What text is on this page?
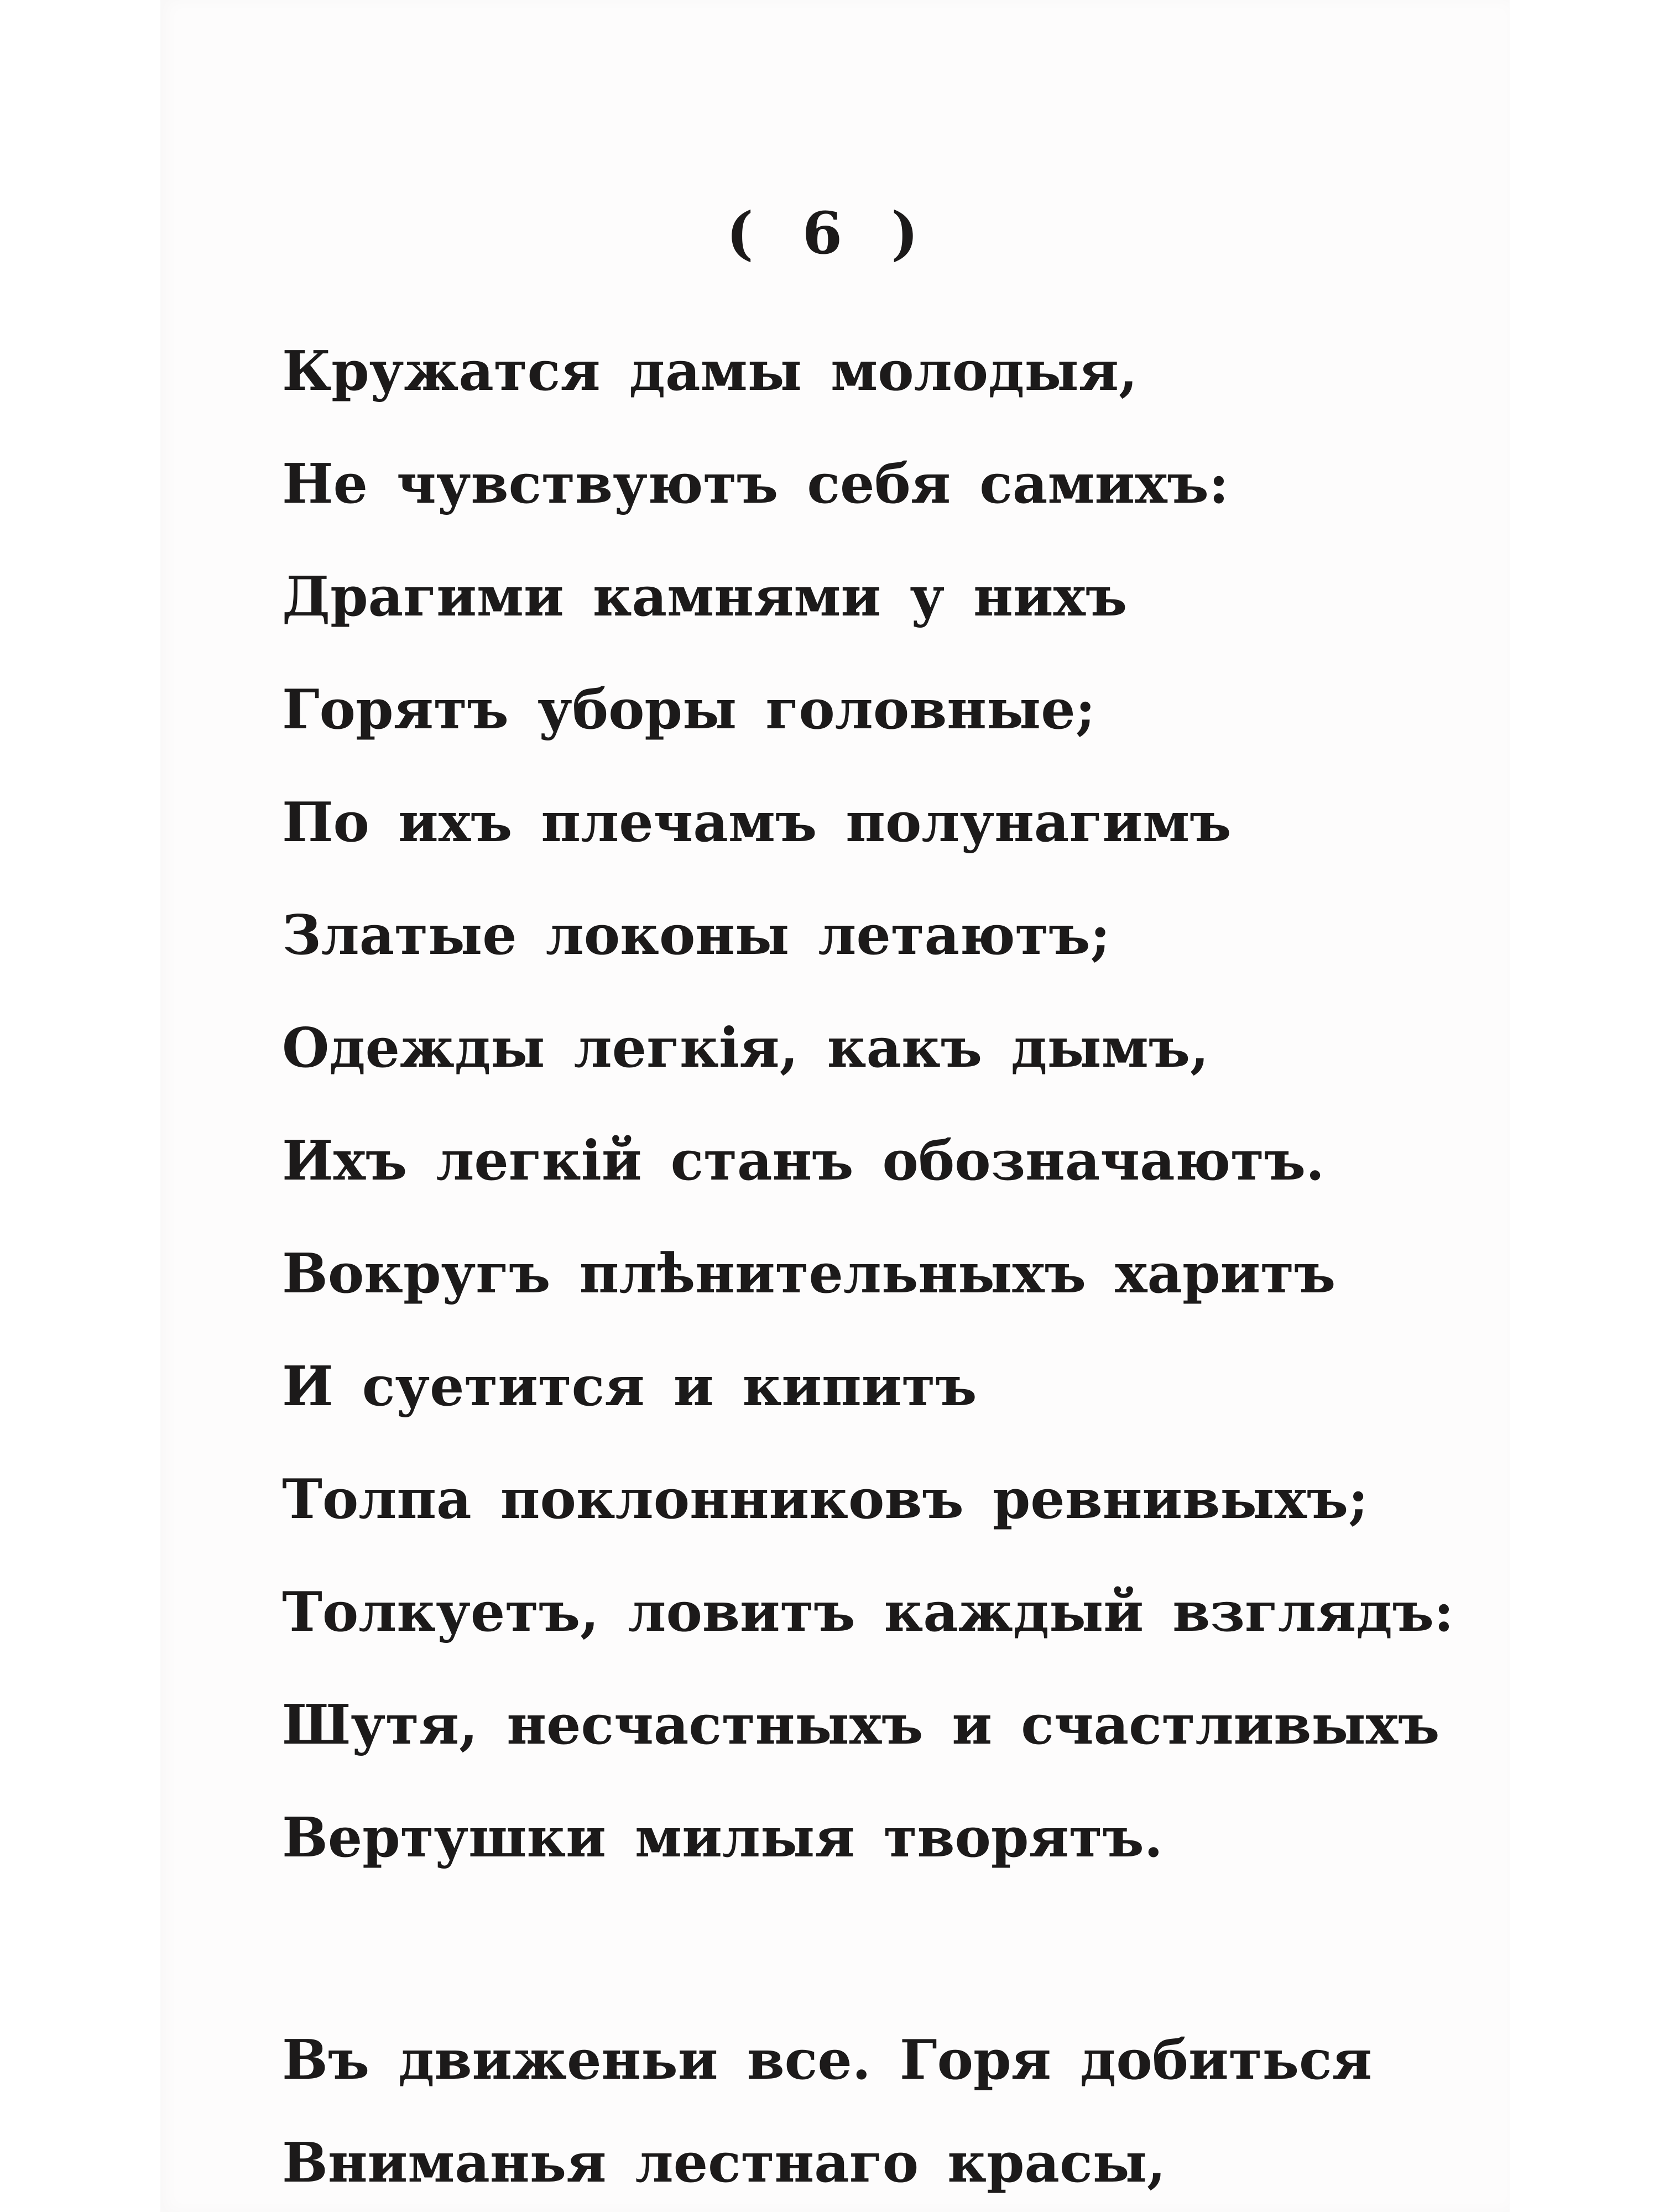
( 6 )

Кружатся дамы молодыя,

Не чувствуютъ себя самихъ:

Драгими камнями у нихъ

Горятъ уборы головные;

По ихъ плечамъ полунагимъ

Златые локоны летаютъ;

Одежды легкія, какъ дымъ,

Ихъ легкій станъ обозначаютъ.

Вокругъ плѣнительныхъ харитъ

И суетится и кипитъ

Толпа поклонниковъ ревнивыхъ;

Толкуетъ, ловитъ каждый взглядъ:

Шутя, несчастныхъ и счастливыхъ

Вертушки милыя творятъ.

Въ движеньи все. Горя добиться

Вниманья лестнаго красы,
